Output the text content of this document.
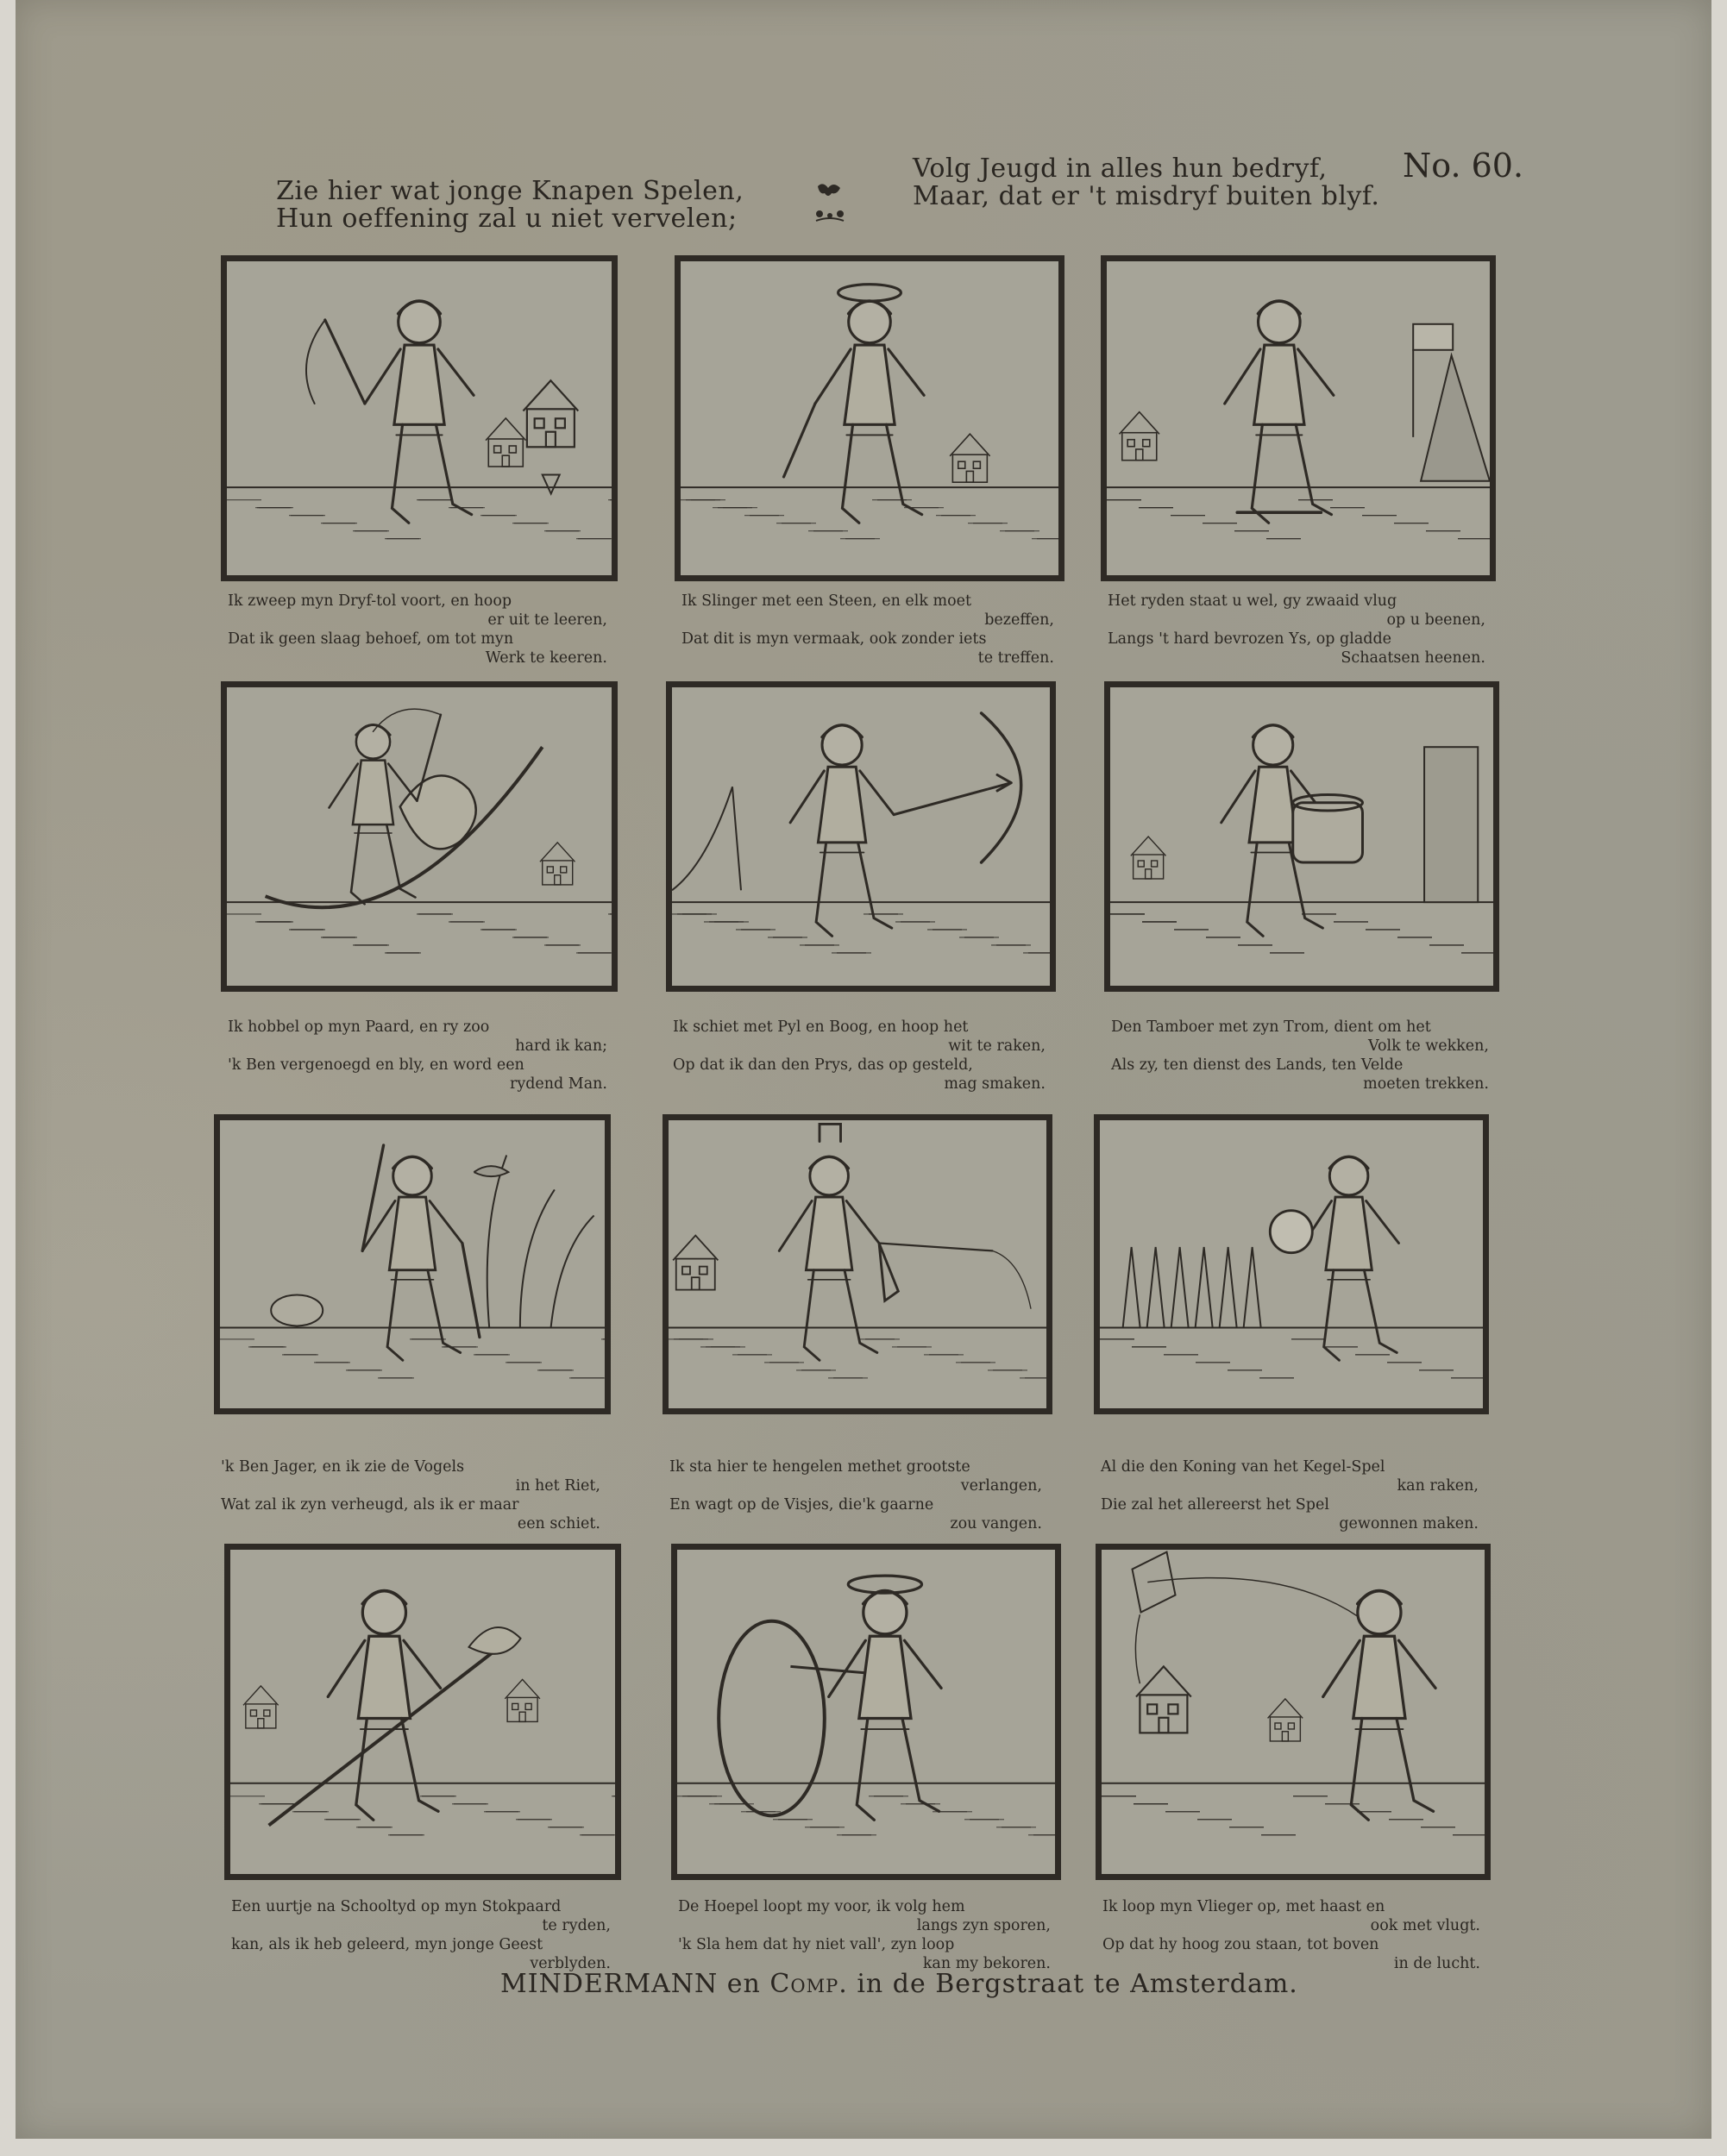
Zie hier wat jonge Knapen Spelen,
Hun oeffening zal u niet vervelen;
Volg Jeugd in alles hun bedryf,
Maar, dat er 't misdryf buiten blyf.
No. 60.
Ik zweep myn Dryf-tol voort, en hoop
er uit te leeren,
Dat ik geen slaag behoef, om tot myn
Werk te keeren.
Ik Slinger met een Steen, en elk moet
bezeffen,
Dat dit is myn vermaak, ook zonder iets
te treffen.
Het ryden staat u wel, gy zwaaid vlug
op u beenen,
Langs 't hard bevrozen Ys, op gladde
Schaatsen heenen.
Ik hobbel op myn Paard, en ry zoo
hard ik kan;
'k Ben vergenoegd en bly, en word een
rydend Man.
Ik schiet met Pyl en Boog, en hoop het
wit te raken,
Op dat ik dan den Prys, das op gesteld,
mag smaken.
Den Tamboer met zyn Trom, dient om het
Volk te wekken,
Als zy, ten dienst des Lands, ten Velde
moeten trekken.
'k Ben Jager, en ik zie de Vogels
in het Riet,
Wat zal ik zyn verheugd, als ik er maar
een schiet.
Ik sta hier te hengelen methet grootste
verlangen,
En wagt op de Visjes, die'k gaarne
zou vangen.
Al die den Koning van het Kegel-Spel
kan raken,
Die zal het allereerst het Spel
gewonnen maken.
Een uurtje na Schooltyd op myn Stokpaard
te ryden,
kan, als ik heb geleerd, myn jonge Geest
verblyden.
De Hoepel loopt my voor, ik volg hem
langs zyn sporen,
'k Sla hem dat hy niet vall', zyn loop
kan my bekoren.
Ik loop myn Vlieger op, met haast en
ook met vlugt.
Op dat hy hoog zou staan, tot boven
in de lucht.
MINDERMANN en Comp. in de Bergstraat te Amsterdam.
